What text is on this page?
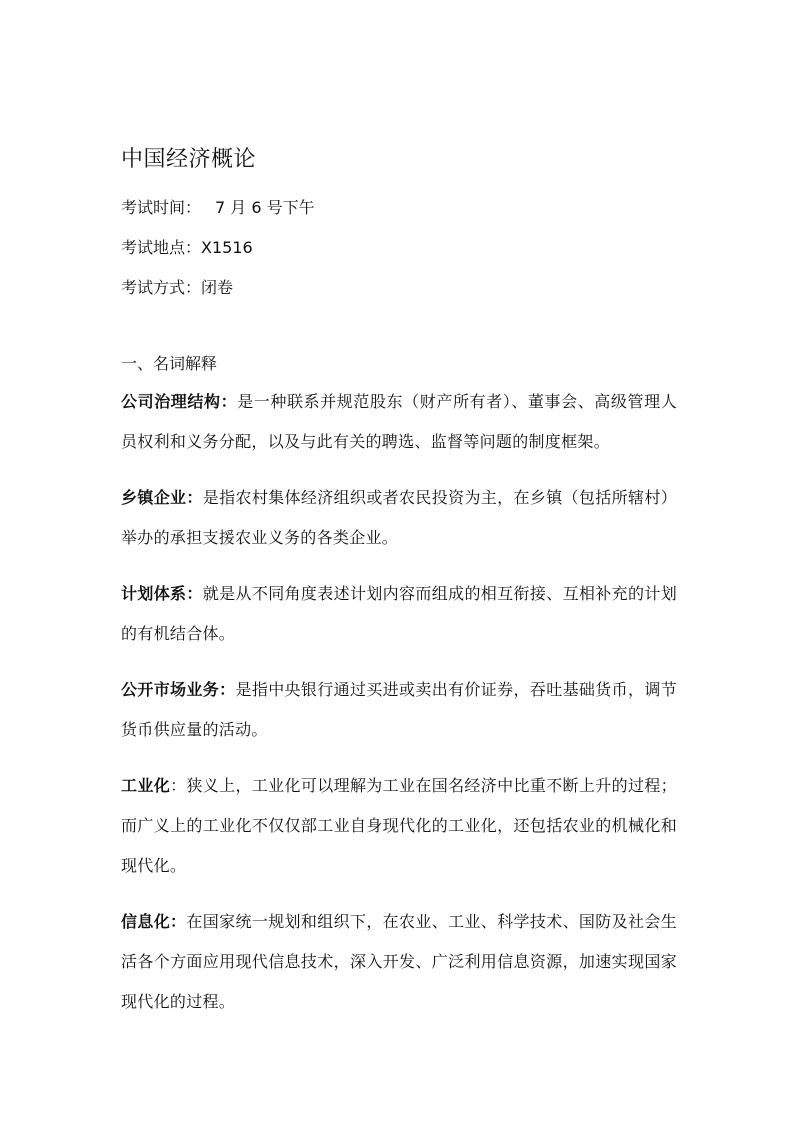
中国经济概论
考试时间： 7 月 6 号下午
考试地点：X1516
考试方式：闭卷
一、名词解释

公司治理结构：是一种联系并规范股东（财产所有者）、董事会、高级管理人员权利和义务分配，以及与此有关的聘选、监督等问题的制度框架。

乡镇企业：是指农村集体经济组织或者农民投资为主，在乡镇（包括所辖村）举办的承担支援农业义务的各类企业。

计划体系：就是从不同角度表述计划内容而组成的相互衔接、互相补充的计划的有机结合体。

公开市场业务：是指中央银行通过买进或卖出有价证券，吞吐基础货币，调节货币供应量的活动。

工业化：狭义上，工业化可以理解为工业在国名经济中比重不断上升的过程；而广义上的工业化不仅仅部工业自身现代化的工业化，还包括农业的机械化和现代化。

信息化：在国家统一规划和组织下，在农业、工业、科学技术、国防及社会生活各个方面应用现代信息技术，深入开发、广泛利用信息资源，加速实现国家现代化的过程。
